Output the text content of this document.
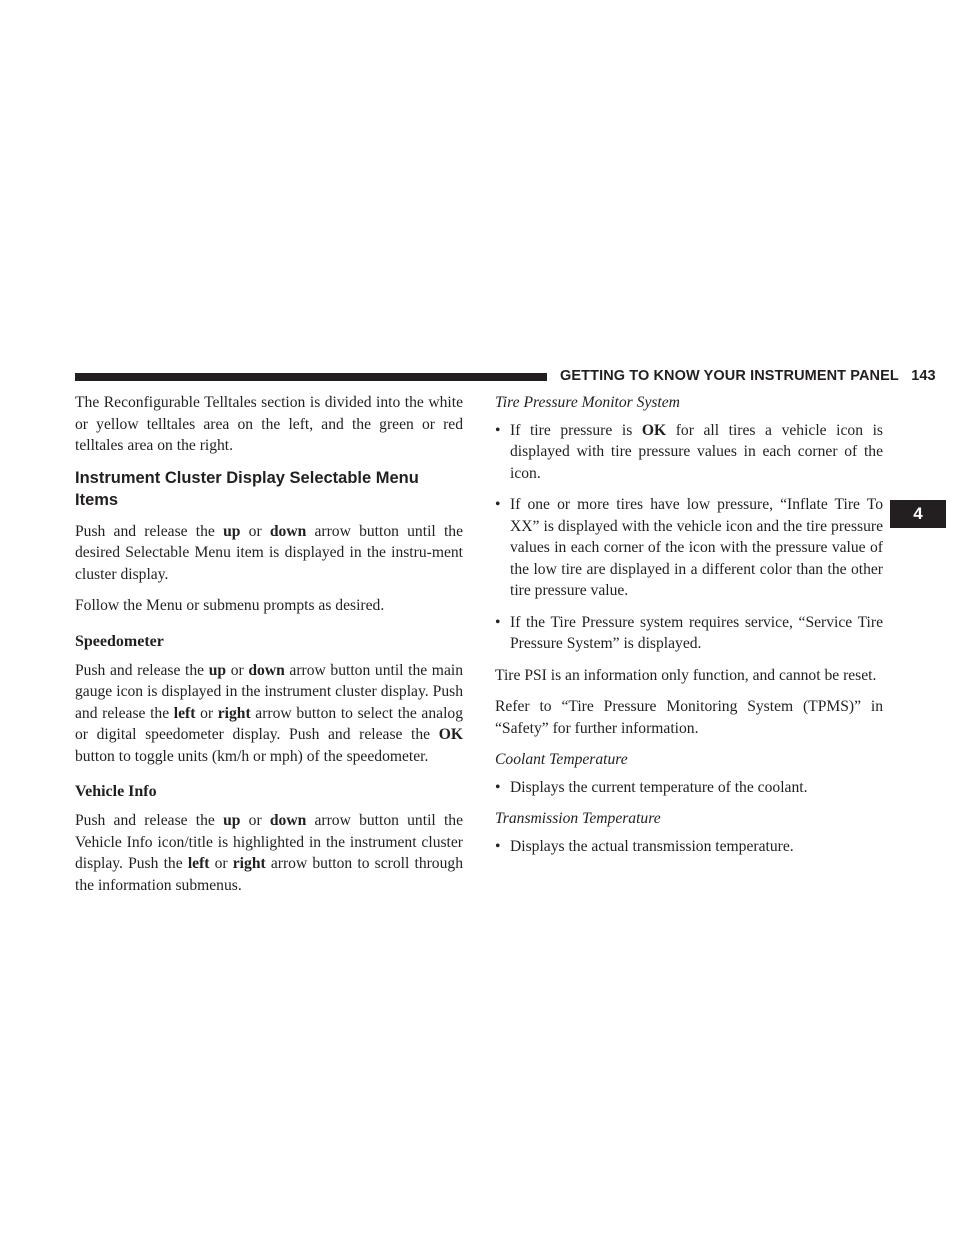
GETTING TO KNOW YOUR INSTRUMENT PANEL 143
4

The Reconfigurable Telltales section is divided into the white or yellow telltales area on the left, and the green or red telltales area on the right.

Instrument Cluster Display Selectable Menu Items

Push and release the up or down arrow button until the desired Selectable Menu item is displayed in the instru-ment cluster display.

Follow the Menu or submenu prompts as desired.

Speedometer

Push and release the up or down arrow button until the main gauge icon is displayed in the instrument cluster display. Push and release the left or right arrow button to select the analog or digital speedometer display. Push and release the OK button to toggle units (km/h or mph) of the speedometer.

Vehicle Info

Push and release the up or down arrow button until the Vehicle Info icon/title is highlighted in the instrument cluster display. Push the left or right arrow button to scroll through the information submenus.

Tire Pressure Monitor System

• If tire pressure is OK for all tires a vehicle icon is displayed with tire pressure values in each corner of the icon.
• If one or more tires have low pressure, “Inflate Tire To XX” is displayed with the vehicle icon and the tire pressure values in each corner of the icon with the pressure value of the low tire are displayed in a different color than the other tire pressure value.
• If the Tire Pressure system requires service, “Service Tire Pressure System” is displayed.

Tire PSI is an information only function, and cannot be reset.

Refer to “Tire Pressure Monitoring System (TPMS)” in “Safety” for further information.

Coolant Temperature

• Displays the current temperature of the coolant.

Transmission Temperature

• Displays the actual transmission temperature.
